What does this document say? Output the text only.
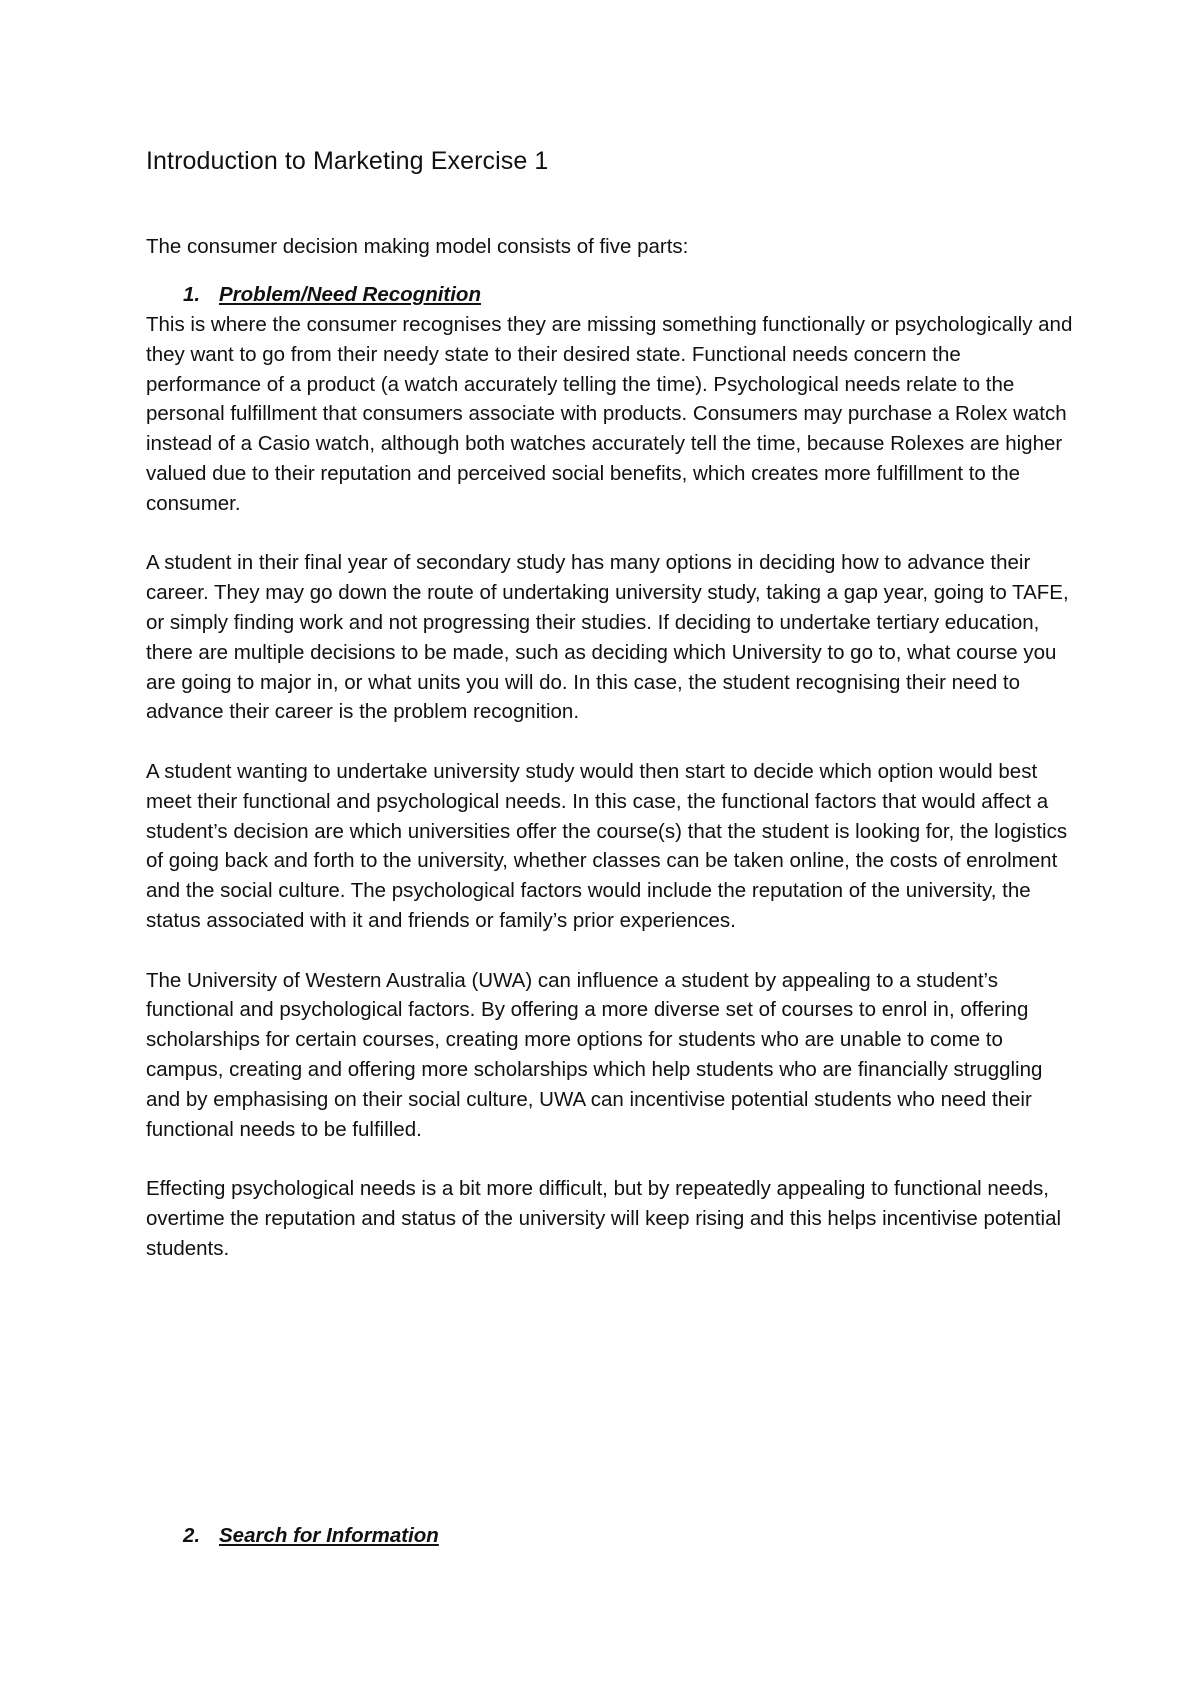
Introduction to Marketing Exercise 1

The consumer decision making model consists of five parts:

1. Problem/Need Recognition

This is where the consumer recognises they are missing something functionally or psychologically and they want to go from their needy state to their desired state. Functional needs concern the performance of a product (a watch accurately telling the time). Psychological needs relate to the personal fulfillment that consumers associate with products. Consumers may purchase a Rolex watch instead of a Casio watch, although both watches accurately tell the time, because Rolexes are higher valued due to their reputation and perceived social benefits, which creates more fulfillment to the consumer.

A student in their final year of secondary study has many options in deciding how to advance their career. They may go down the route of undertaking university study, taking a gap year, going to TAFE, or simply finding work and not progressing their studies. If deciding to undertake tertiary education, there are multiple decisions to be made, such as deciding which University to go to, what course you are going to major in, or what units you will do. In this case, the student recognising their need to advance their career is the problem recognition.

A student wanting to undertake university study would then start to decide which option would best meet their functional and psychological needs. In this case, the functional factors that would affect a student’s decision are which universities offer the course(s) that the student is looking for, the logistics of going back and forth to the university, whether classes can be taken online, the costs of enrolment and the social culture. The psychological factors would include the reputation of the university, the status associated with it and friends or family’s prior experiences.

The University of Western Australia (UWA) can influence a student by appealing to a student’s functional and psychological factors. By offering a more diverse set of courses to enrol in, offering scholarships for certain courses, creating more options for students who are unable to come to campus, creating and offering more scholarships which help students who are financially struggling and by emphasising on their social culture, UWA can incentivise potential students who need their functional needs to be fulfilled.

Effecting psychological needs is a bit more difficult, but by repeatedly appealing to functional needs, overtime the reputation and status of the university will keep rising and this helps incentivise potential students.

2. Search for Information
